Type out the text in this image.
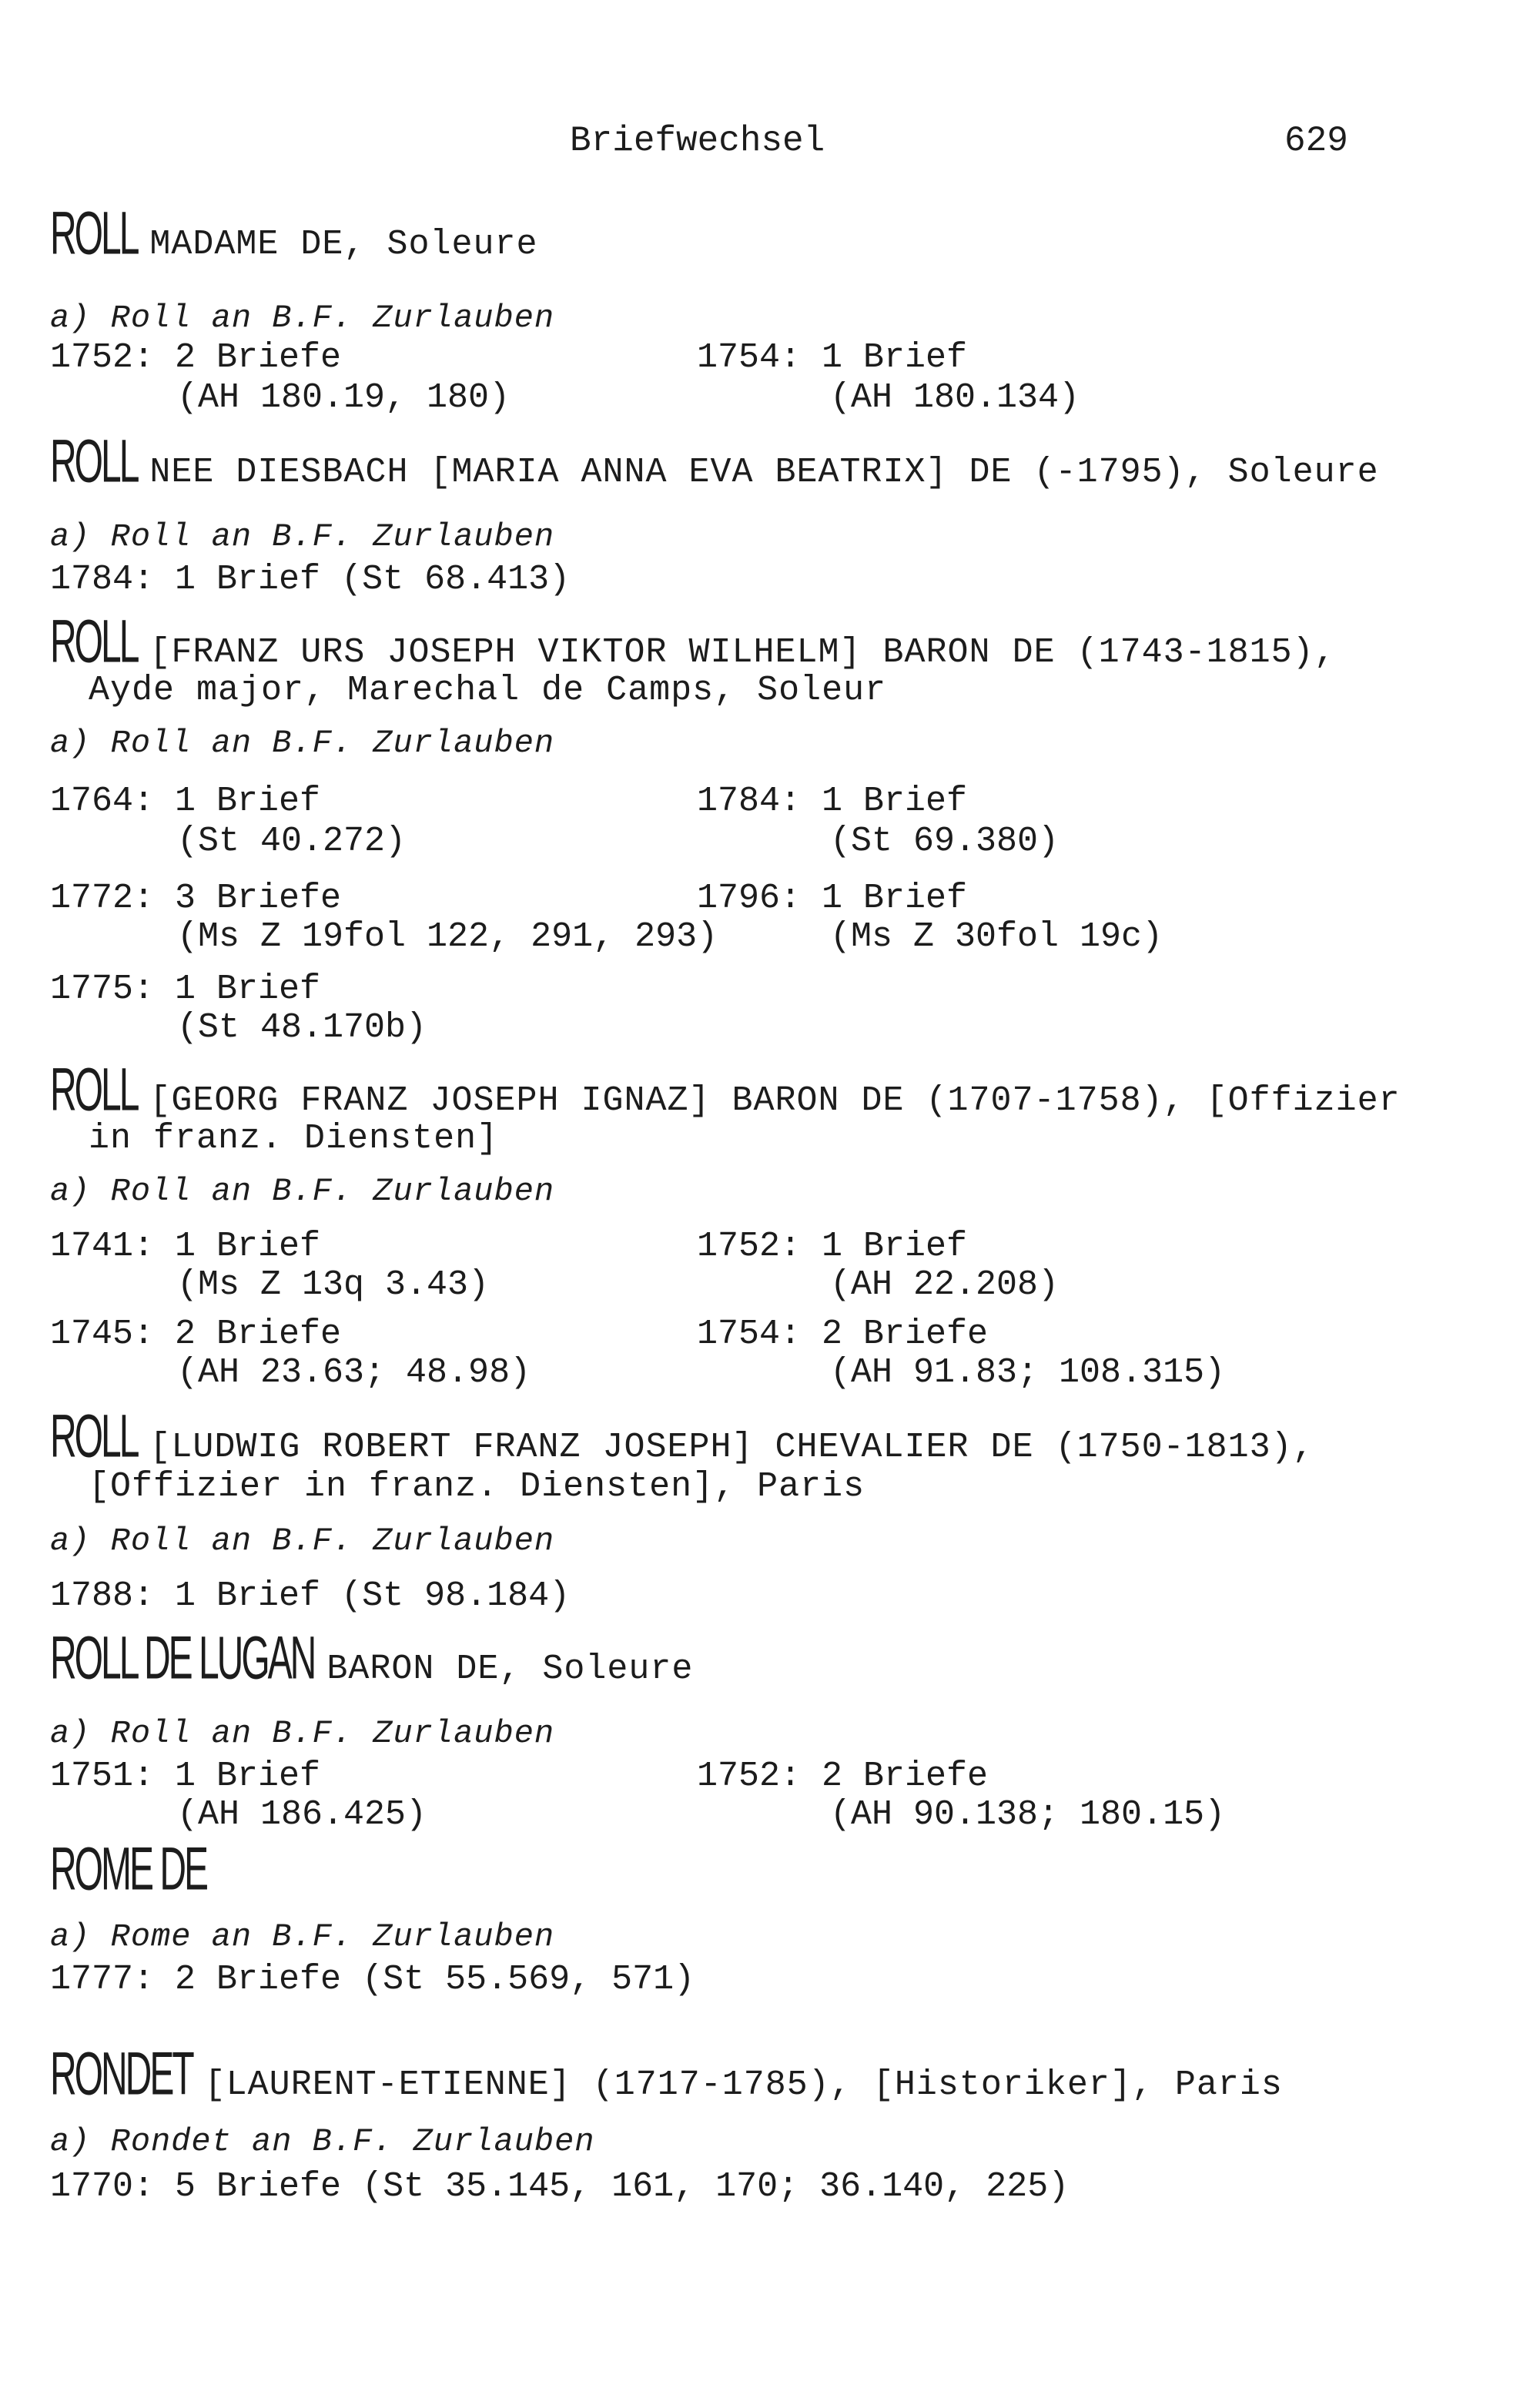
Briefwechsel	629
ROLL MADAME DE, Soleure
a) Roll an B.F. Zurlauben
1752: 2 Briefe
(AH 180.19, 180)
1754: 1 Brief
(AH 180.134)
ROLL NEE DIESBACH [MARIA ANNA EVA BEATRIX] DE (-1795), Soleure
a) Roll an B.F. Zurlauben
1784: 1 Brief (St 68.413)
ROLL [FRANZ URS JOSEPH VIKTOR WILHELM] BARON DE (1743-1815),
Ayde major, Marechal de Camps, Soleur
a) Roll an B.F. Zurlauben
1764: 1 Brief
(St 40.272)
1784: 1 Brief
(St 69.380)
1772: 3 Briefe
(Ms Z 19fol 122, 291, 293)
1796: 1 Brief
(Ms Z 30fol 19c)
1775: 1 Brief
(St 48.170b)
ROLL [GEORG FRANZ JOSEPH IGNAZ] BARON DE (1707-1758), [Offizier
in franz. Diensten]
a) Roll an B.F. Zurlauben
1741: 1 Brief
(Ms Z 13q 3.43)
1752: 1 Brief
(AH 22.208)
1745: 2 Briefe
(AH 23.63; 48.98)
1754: 2 Briefe
(AH 91.83; 108.315)
ROLL [LUDWIG ROBERT FRANZ JOSEPH] CHEVALIER DE (1750-1813),
[Offizier in franz. Diensten], Paris
a) Roll an B.F. Zurlauben
1788: 1 Brief (St 98.184)
ROLL DE LUGAN BARON DE, Soleure
a) Roll an B.F. Zurlauben
1751: 1 Brief
(AH 186.425)
1752: 2 Briefe
(AH 90.138; 180.15)
ROME DE
a) Rome an B.F. Zurlauben
1777: 2 Briefe (St 55.569, 571)
RONDET [LAURENT-ETIENNE] (1717-1785), [Historiker], Paris
a) Rondet an B.F. Zurlauben
1770: 5 Briefe (St 35.145, 161, 170; 36.140, 225)
